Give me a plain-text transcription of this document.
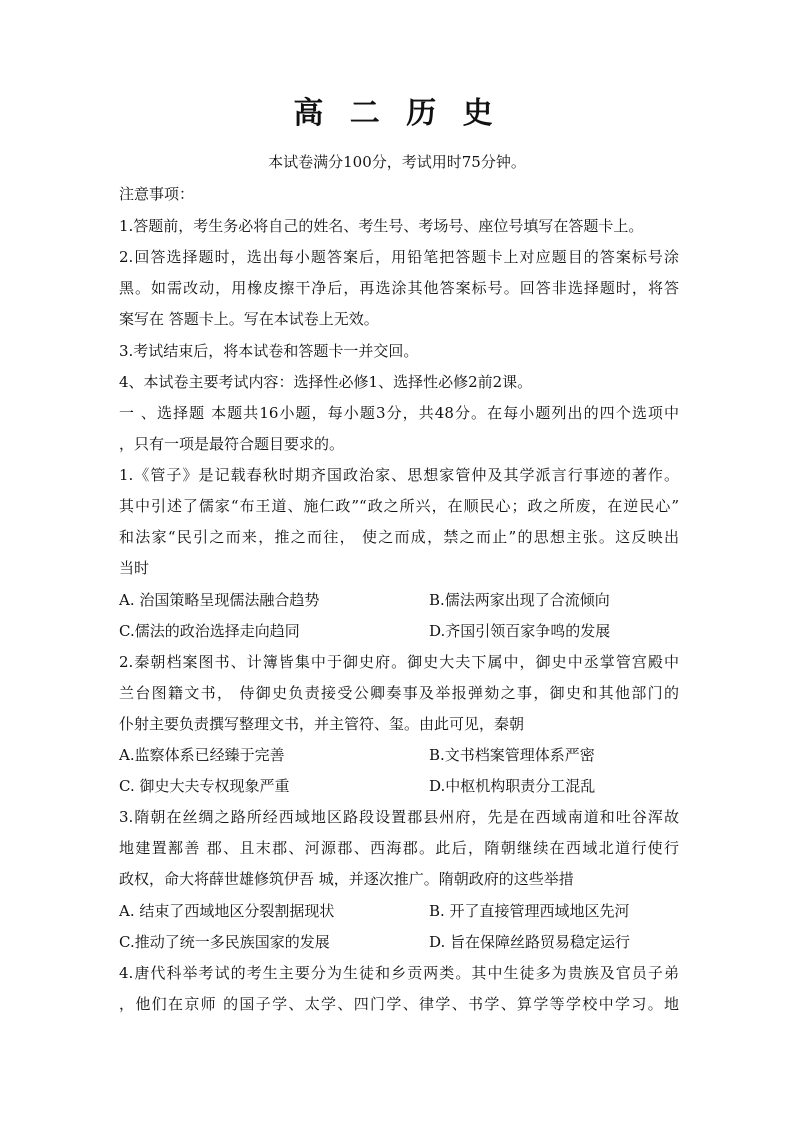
高 二 历 史
本试卷满分100分，考试用时75分钟。
注意事项：
1.答题前，考生务必将自己的姓名、考生号、考场号、座位号填写在答题卡上。
2.回答选择题时，选出每小题答案后，用铅笔把答题卡上对应题目的答案标号涂
黑。如需改动，用橡皮擦干净后，再选涂其他答案标号。回答非选择题时，将答
案写在 答题卡上。写在本试卷上无效。
3.考试结束后，将本试卷和答题卡一并交回。
4、本试卷主要考试内容：选择性必修1、选择性必修2前2课。
一 、选择题 本题共16小题，每小题3分，共48分。在每小题列出的四个选项中
，只有一项是最符合题目要求的。
1.《管子》是记载春秋时期齐国政治家、思想家管仲及其学派言行事迹的著作。
其中引述了儒家“布王道、施仁政”“政之所兴，在顺民心；政之所废，在逆民心”
和法家“民引之而来，推之而往， 使之而成，禁之而止”的思想主张。这反映出
当时
A. 治国策略呈现儒法融合趋势	B.儒法两家出现了合流倾向
C.儒法的政治选择走向趋同	D.齐国引领百家争鸣的发展
2.秦朝档案图书、计簿皆集中于御史府。御史大夫下属中，御史中丞掌管宫殿中
兰台图籍文书， 侍御史负责接受公卿奏事及举报弹劾之事，御史和其他部门的
仆射主要负责撰写整理文书，并主管符、玺。由此可见，秦朝
A.监察体系已经臻于完善	B.文书档案管理体系严密
C. 御史大夫专权现象严重	D.中枢机构职责分工混乱
3.隋朝在丝绸之路所经西域地区路段设置郡县州府，先是在西域南道和吐谷浑故
地建置鄯善 郡、且末郡、河源郡、西海郡。此后，隋朝继续在西域北道行使行
政权，命大将薛世雄修筑伊吾 城，并逐次推广。隋朝政府的这些举措
A. 结束了西域地区分裂割据现状	B. 开了直接管理西域地区先河
C.推动了统一多民族国家的发展	D. 旨在保障丝路贸易稳定运行
4.唐代科举考试的考生主要分为生徒和乡贡两类。其中生徒多为贵族及官员子弟
，他们在京师 的国子学、太学、四门学、律学、书学、算学等学校中学习。地
